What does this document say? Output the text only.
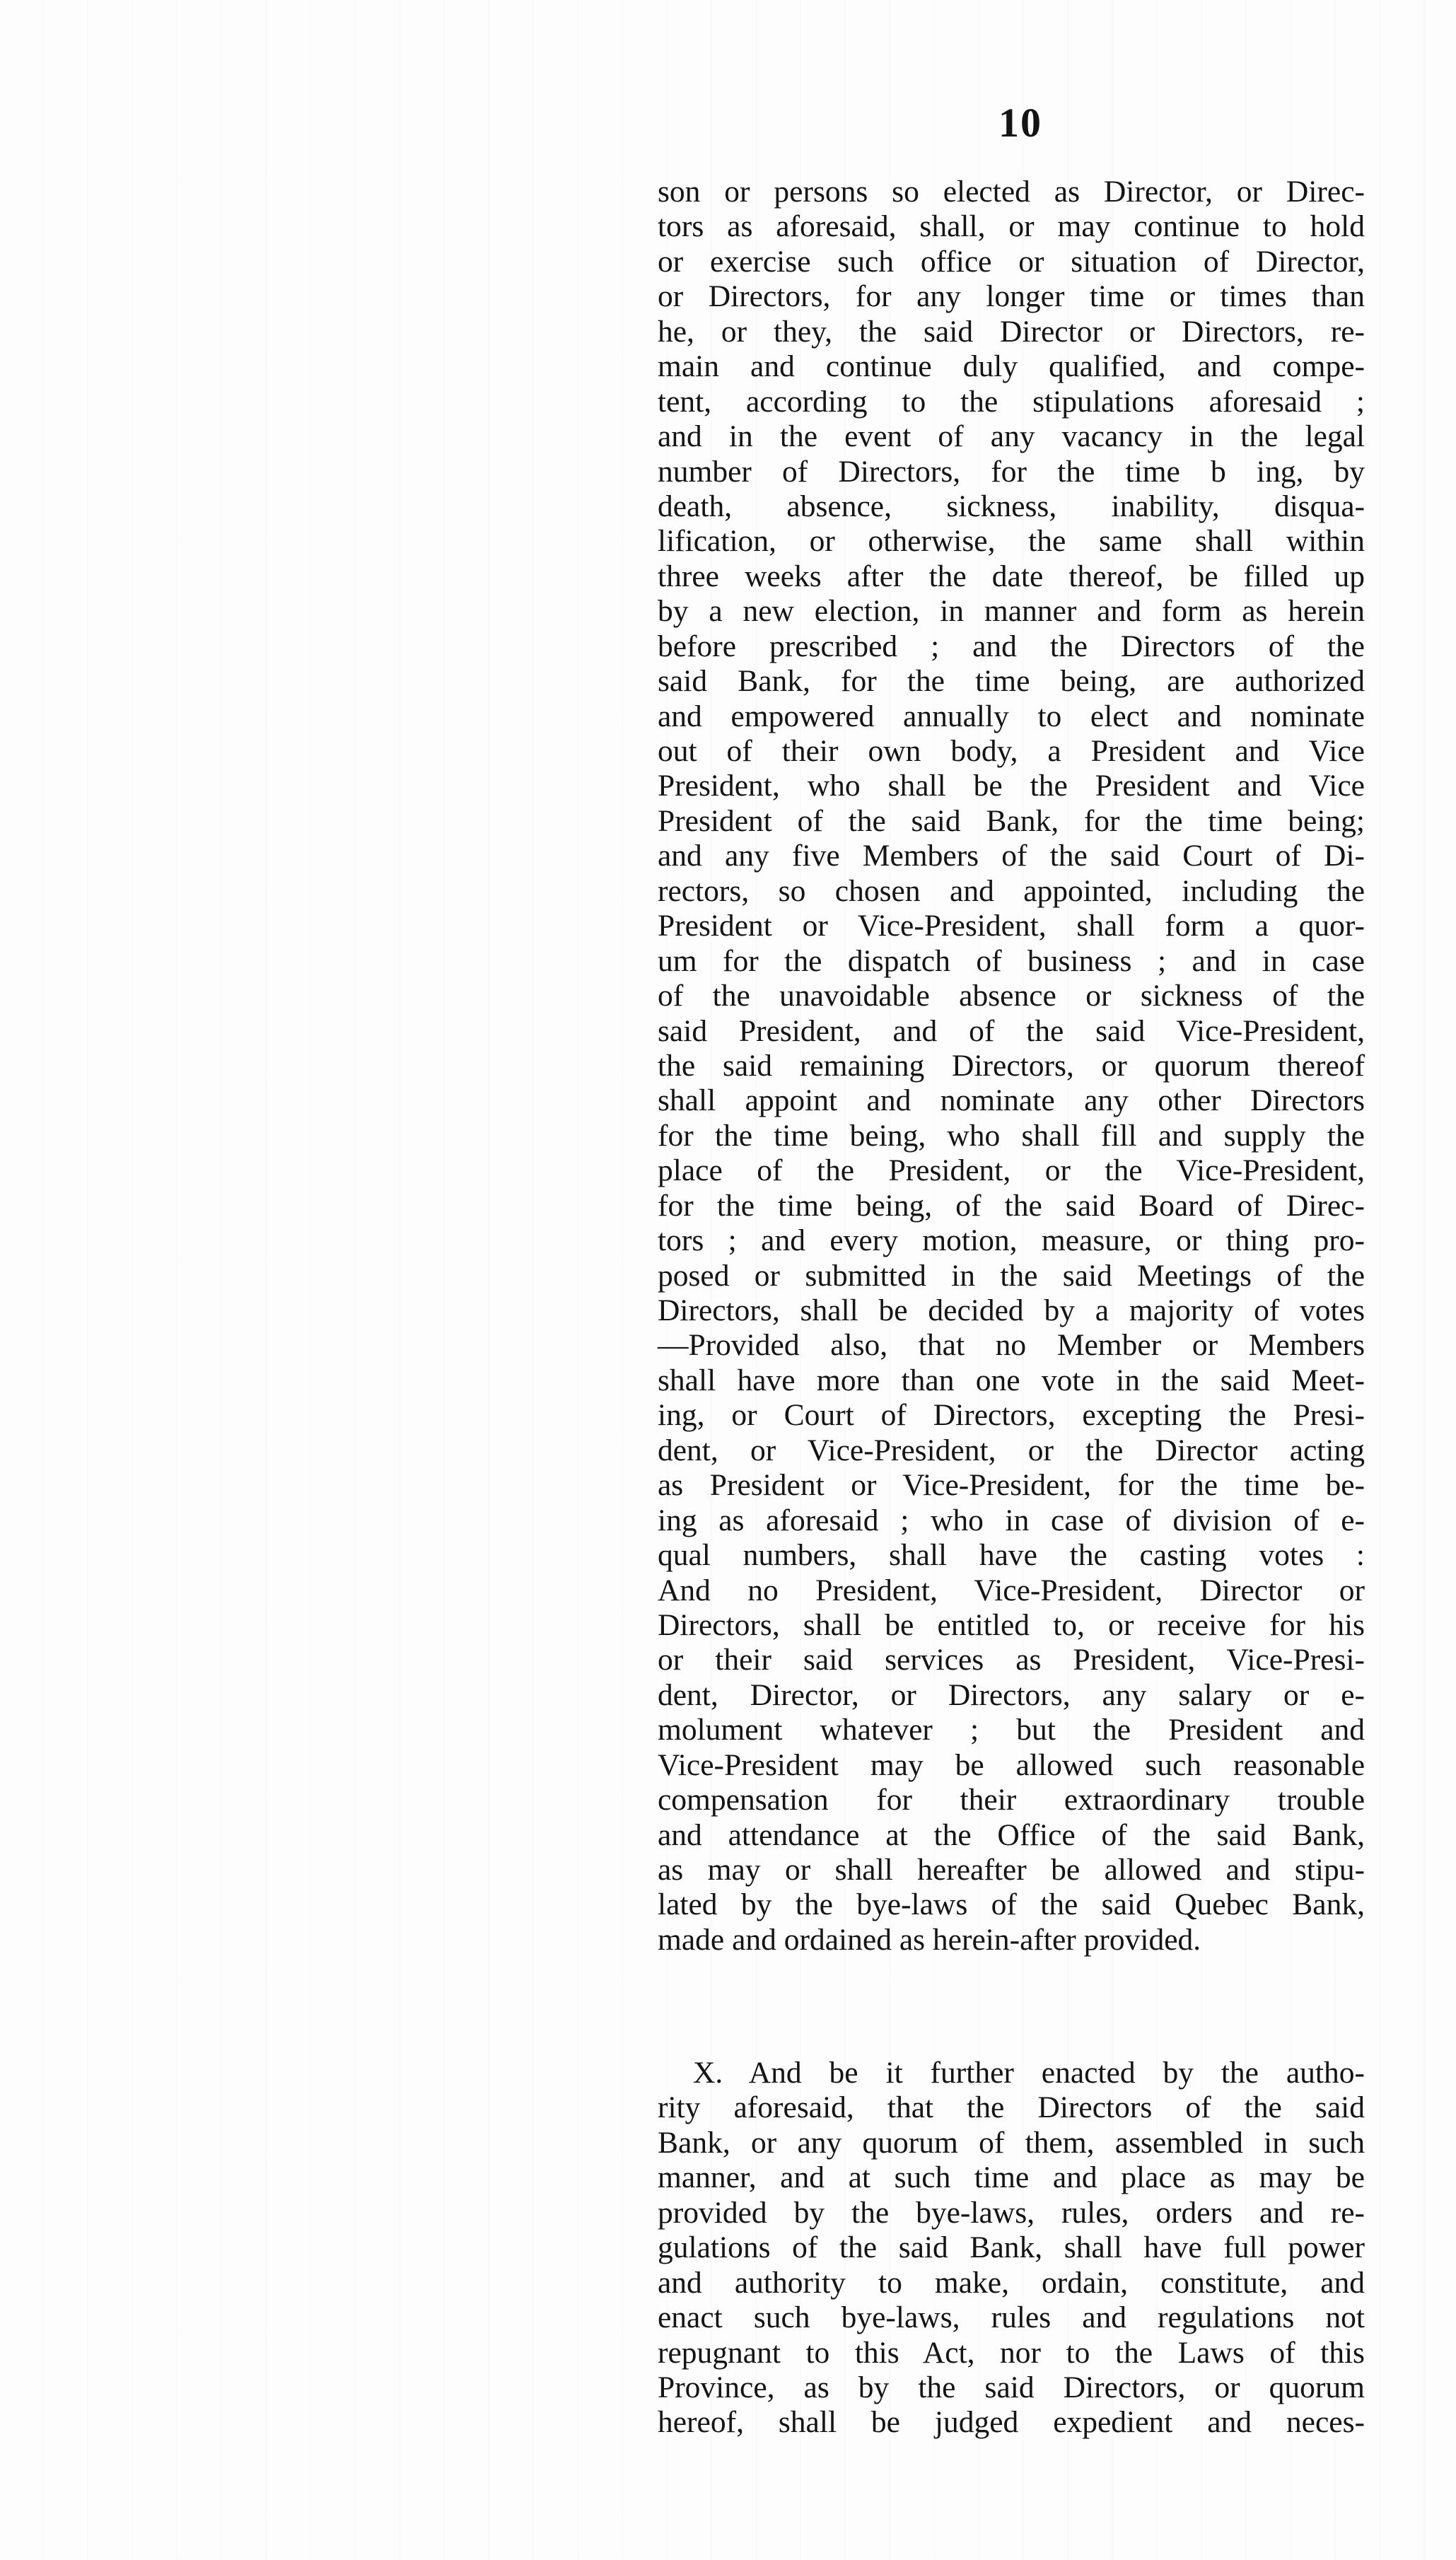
10
son or persons so elected as Director, or Direc-
tors as aforesaid, shall, or may continue to hold
or exercise such office or situation of Director,
or Directors, for any longer time or times than
he, or they, the said Director or Directors, re-
main and continue duly qualified, and compe-
tent, according to the stipulations aforesaid ;
and in the event of any vacancy in the legal
number of Directors, for the time b ing, by
death, absence, sickness, inability, disqua-
lification, or otherwise, the same shall within
three weeks after the date thereof, be filled up
by a new election, in manner and form as herein
before prescribed ; and the Directors of the
said Bank, for the time being, are authorized
and empowered annually to elect and nominate
out of their own body, a President and Vice
President, who shall be the President and Vice
President of the said Bank, for the time being;
and any five Members of the said Court of Di-
rectors, so chosen and appointed, including the
President or Vice-President, shall form a quor-
um for the dispatch of business ; and in case
of the unavoidable absence or sickness of the
said President, and of the said Vice-President,
the said remaining Directors, or quorum thereof
shall appoint and nominate any other Directors
for the time being, who shall fill and supply the
place of the President, or the Vice-President,
for the time being, of the said Board of Direc-
tors ; and every motion, measure, or thing pro-
posed or submitted in the said Meetings of the
Directors, shall be decided by a majority of votes
—Provided also, that no Member or Members
shall have more than one vote in the said Meet-
ing, or Court of Directors, excepting the Presi-
dent, or Vice-President, or the Director acting
as President or Vice-President, for the time be-
ing as aforesaid ; who in case of division of e-
qual numbers, shall have the casting votes :
And no President, Vice-President, Director or
Directors, shall be entitled to, or receive for his
or their said services as President, Vice-Presi-
dent, Director, or Directors, any salary or e-
molument whatever ; but the President and
Vice-President may be allowed such reasonable
compensation for their extraordinary trouble
and attendance at the Office of the said Bank,
as may or shall hereafter be allowed and stipu-
lated by the bye-laws of the said Quebec Bank,
made and ordained as herein-after provided.
X. And be it further enacted by the autho-
rity aforesaid, that the Directors of the said
Bank, or any quorum of them, assembled in such
manner, and at such time and place as may be
provided by the bye-laws, rules, orders and re-
gulations of the said Bank, shall have full power
and authority to make, ordain, constitute, and
enact such bye-laws, rules and regulations not
repugnant to this Act, nor to the Laws of this
Province, as by the said Directors, or quorum
hereof, shall be judged expedient and neces-
